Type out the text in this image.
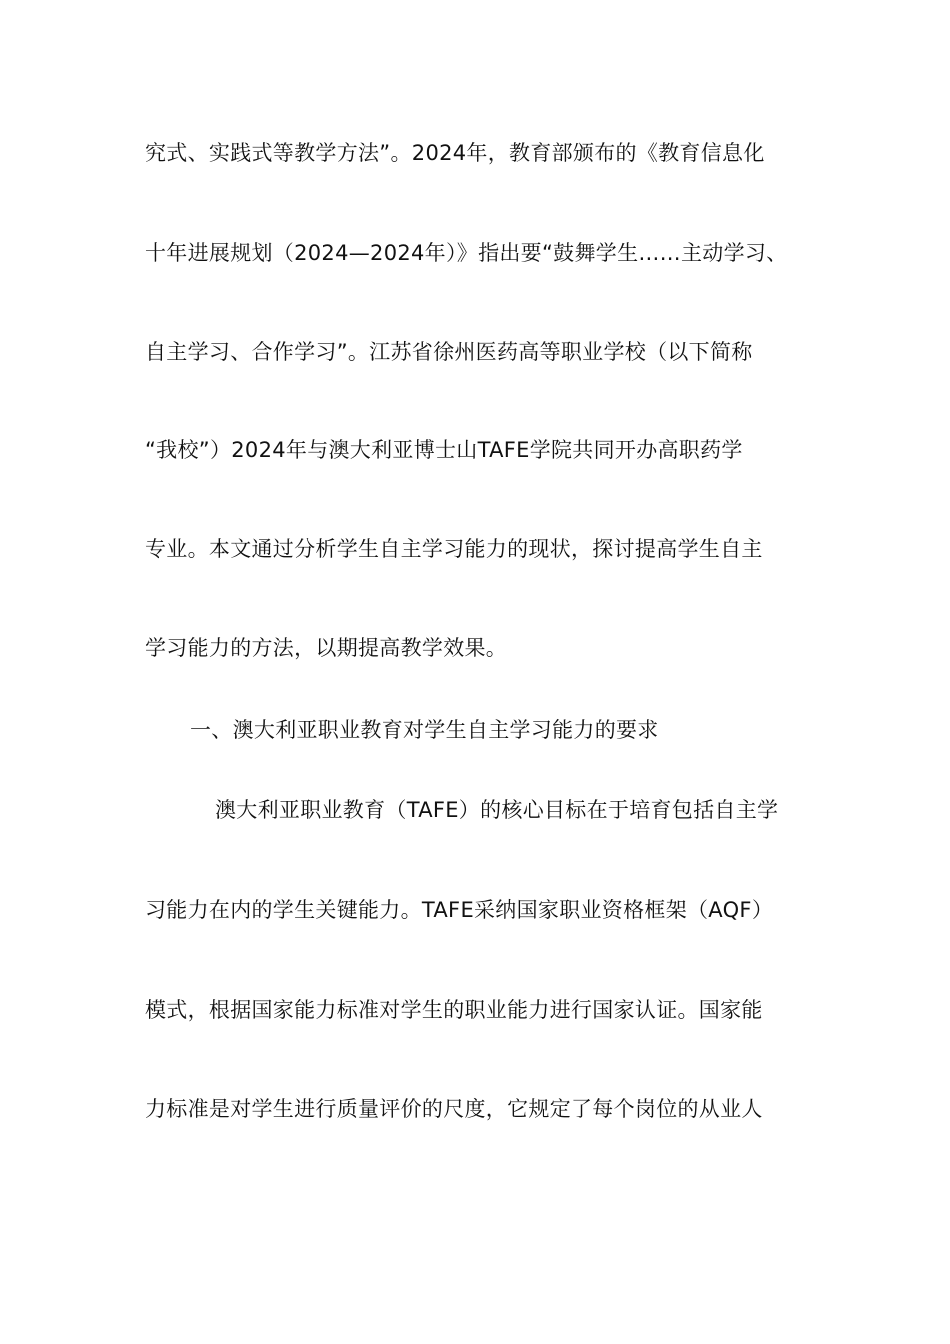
究式、实践式等教学方法”。2024年，教育部颁布的《教育信息化
十年进展规划（2024—2024年）》指出要“鼓舞学生……主动学习、
自主学习、合作学习”。江苏省徐州医药高等职业学校（以下简称
“我校”）2024年与澳大利亚博士山TAFE学院共同开办高职药学
专业。本文通过分析学生自主学习能力的现状，探讨提高学生自主
学习能力的方法，以期提高教学效果。
一、澳大利亚职业教育对学生自主学习能力的要求
澳大利亚职业教育（TAFE）的核心目标在于培育包括自主学
习能力在内的学生关键能力。TAFE采纳国家职业资格框架（AQF）
模式，根据国家能力标准对学生的职业能力进行国家认证。国家能
力标准是对学生进行质量评价的尺度，它规定了每个岗位的从业人
